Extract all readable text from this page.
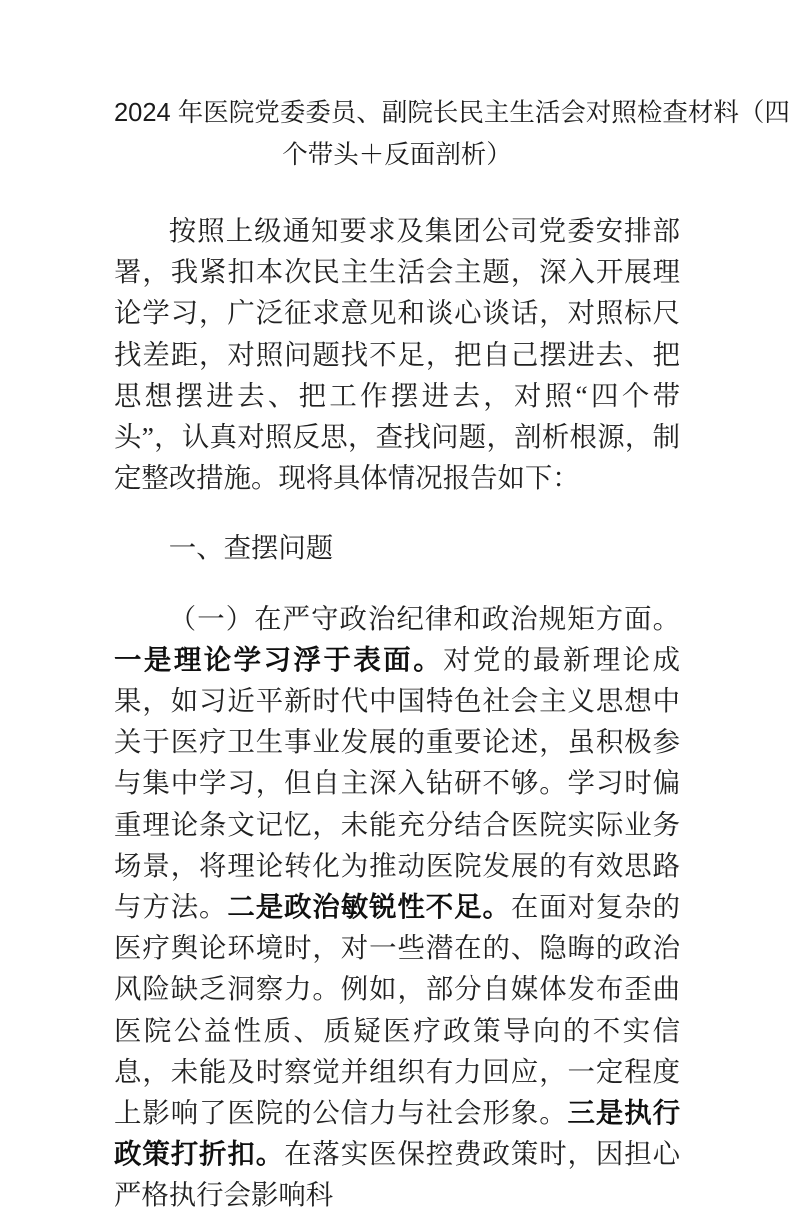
2024 年医院党委委员、副院长民主生活会对照检查材料（四
个带头＋反面剖析）

按照上级通知要求及集团公司党委安排部署，我紧扣本次民主生活会主题，深入开展理论学习，广泛征求意见和谈心谈话，对照标尺找差距，对照问题找不足，把自己摆进去、把思想摆进去、把工作摆进去，对照“四个带头”，认真对照反思，查找问题，剖析根源，制定整改措施。现将具体情况报告如下：

一、查摆问题

（一）在严守政治纪律和政治规矩方面。一是理论学习浮于表面。对党的最新理论成果，如习近平新时代中国特色社会主义思想中关于医疗卫生事业发展的重要论述，虽积极参与集中学习，但自主深入钻研不够。学习时偏重理论条文记忆，未能充分结合医院实际业务场景，将理论转化为推动医院发展的有效思路与方法。二是政治敏锐性不足。在面对复杂的医疗舆论环境时，对一些潜在的、隐晦的政治风险缺乏洞察力。例如，部分自媒体发布歪曲医院公益性质、质疑医疗政策导向的不实信息，未能及时察觉并组织有力回应，一定程度上影响了医院的公信力与社会形象。三是执行政策打折扣。在落实医保控费政策时，因担心严格执行会影响科
